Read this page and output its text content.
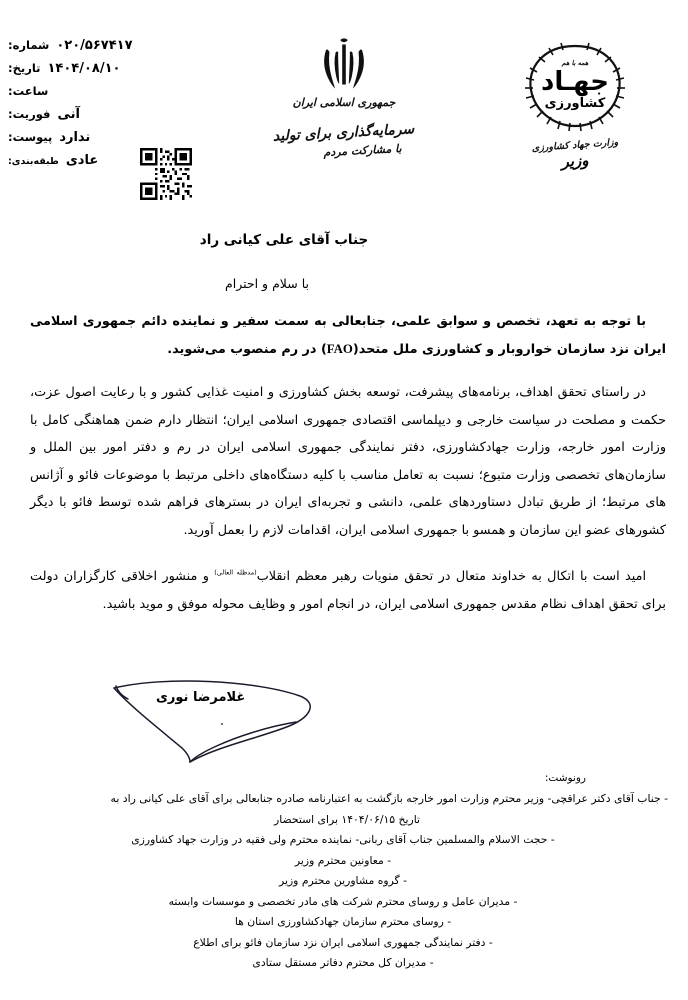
شماره: ۰۲۰/۵۶۷۴۱۷
تاریخ: ۱۴۰۴/۰۸/۱۰
ساعت:
فوریت: آنی
پیوست: ندارد
طبقه‌بندی: عادی
جمهوری اسلامی ایران
سرمایه‌گذاری برای تولید
با مشارکت مردم
همه با هم
جهـاد
کشاورزی
وزارت جهاد کشاورزی
وزیر
جناب آقای علی کیانی راد
با سلام و احترام

با توجه به تعهد، تخصص و سوابق علمی، جنابعالی به سمت سفیر و نماینده دائم جمهوری اسلامی ایران نزد سازمان خواروبار و کشاورزی ملل متحد(FAO) در رم منصوب می‌شوید.

در راستای تحقق اهداف، برنامه‌های پیشرفت، توسعه بخش کشاورزی و امنیت غذایی کشور و با رعایت اصول عزت، حکمت و مصلحت در سیاست خارجی و دیپلماسی اقتصادی جمهوری اسلامی ایران؛ انتظار دارم ضمن هماهنگی کامل با وزارت امور خارجه، وزارت جهادکشاورزی، دفتر نمایندگی جمهوری اسلامی ایران در رم و دفتر امور بین الملل و سازمان‌های تخصصی وزارت متبوع؛ نسبت به تعامل مناسب با کلیه دستگاه‌های داخلی مرتبط با موضوعات فائو و آژانس های مرتبط؛ از طریق تبادل دستاوردهای علمی، دانشی و تجربه‌ای ایران در بسترهای فراهم شده توسط فائو با دیگر کشورهای عضو این سازمان و همسو با جمهوری اسلامی ایران، اقدامات لازم را بعمل آورید.

امید است با اتکال به خداوند متعال در تحقق منویات رهبر معظم انقلاب$^{(مدظله العالی)}$ و منشور اخلاقی کارگزاران دولت برای تحقق اهداف نظام مقدس جمهوری اسلامی ایران، در انجام امور و وظایف محوله موفق و موید باشید.

غلامرضا نوری
رونوشت:
- جناب آقای دکتر عراقچی- وزیر محترم وزارت امور خارجه بازگشت به اعتبارنامه صادره جنابعالی برای آقای علی کیانی راد به
تاریخ ۱۴۰۴/۰۶/۱۵ برای استحضار
- حجت الاسلام والمسلمین جناب آقای ربانی- نماینده محترم ولی فقیه در وزارت جهاد کشاورزی
- معاونین محترم وزیر
- گروه مشاورین محترم وزیر
- مدیران عامل و روسای محترم شرکت های مادر تخصصی و موسسات وابسته
- روسای محترم سازمان جهادکشاورزی استان ها
- دفتر نمایندگی جمهوری اسلامی ایران نزد سازمان فائو برای اطلاع
- مدیران کل محترم دفاتر مستقل ستادی
